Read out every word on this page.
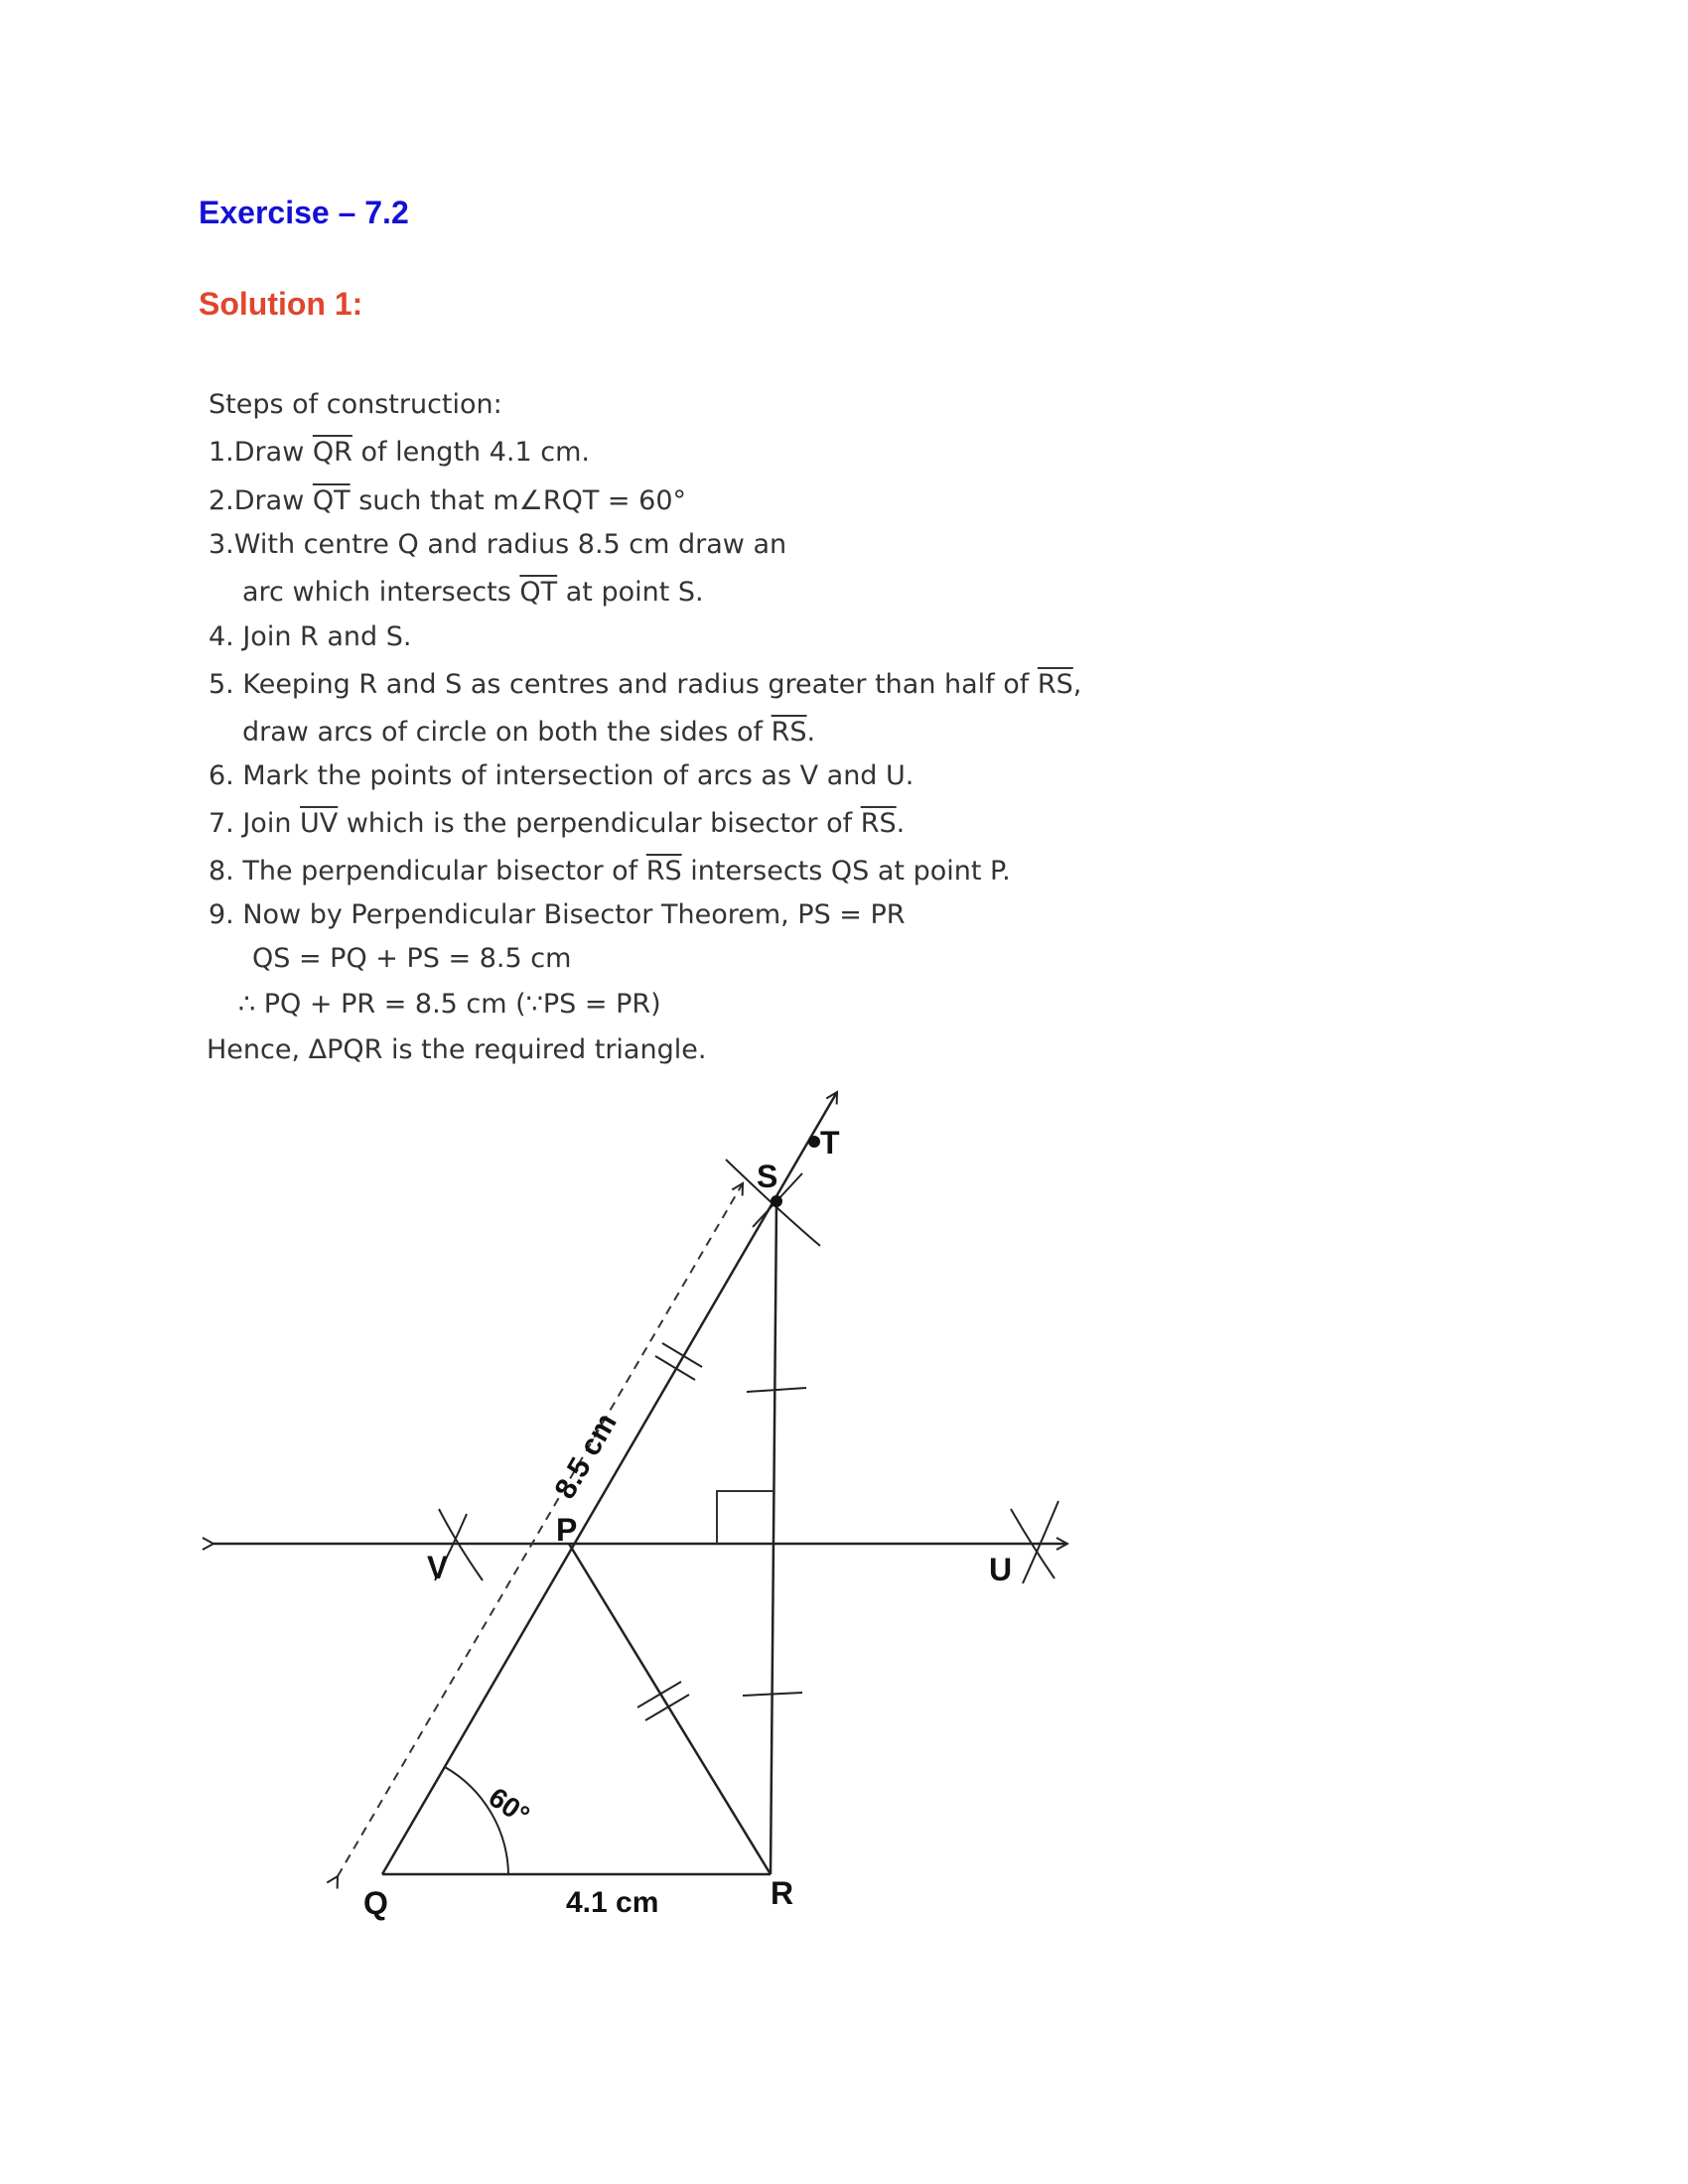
Exercise – 7.2
Solution 1:
Steps of construction:
1.Draw $\overline{QR}$ of length 4.1 cm.
2.Draw $\overline{QT}$ such that m∠RQT = 60°
3.With centre Q and radius 8.5 cm draw an
arc which intersects $\overline{QT}$ at point S.
4. Join R and S.
5. Keeping R and S as centres and radius greater than half of $\overline{RS}$,
draw arcs of circle on both the sides of $\overline{RS}$.
6. Mark the points of intersection of arcs as V and U.
7. Join $\overline{UV}$ which is the perpendicular bisector of $\overline{RS}$.
8. The perpendicular bisector of $\overline{RS}$ intersects QS at point P.
9. Now by Perpendicular Bisector Theorem, PS = PR
QS = PQ + PS = 8.5 cm
∴ PQ + PR = 8.5 cm (∵PS = PR)
Hence, ΔPQR is the required triangle.
T
S
P
V	U
Q	R
4.1 cm
8.5 cm
60°
